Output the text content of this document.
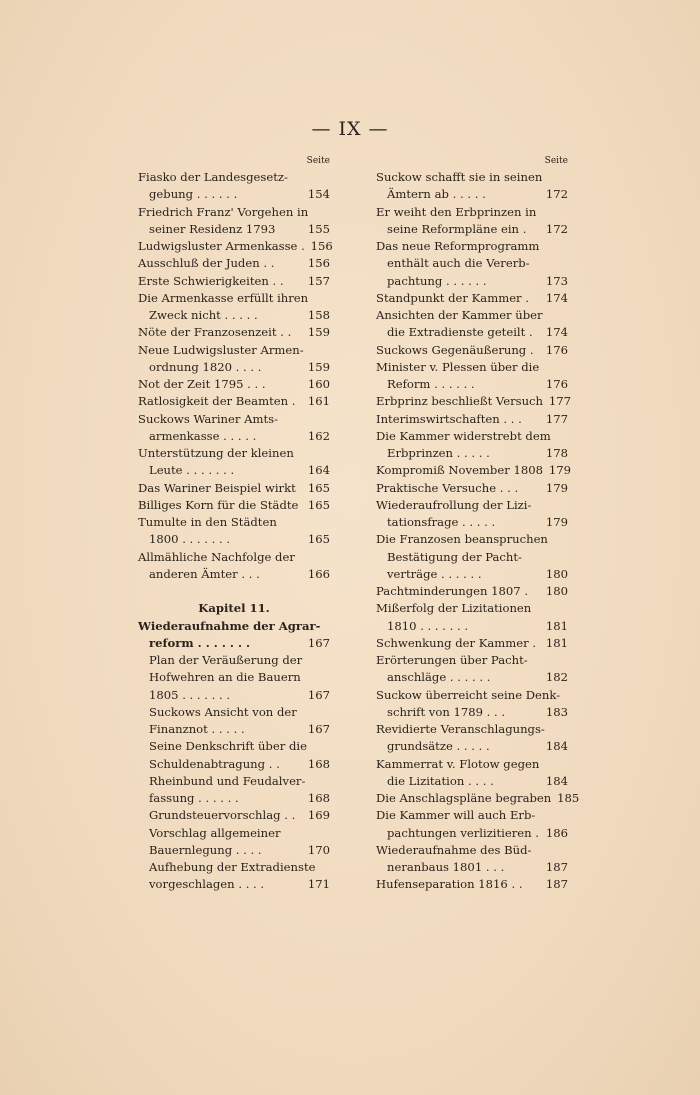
— IX —
Seite
Fiasko der Landesgesetz-
gebung . . . . . .	154
Friedrich Franz' Vorgehen in
seiner Residenz 1793	155
Ludwigsluster Armenkasse . 156
Ausschluß der Juden . .	156
Erste Schwierigkeiten . .	157
Die Armenkasse erfüllt ihren
Zweck nicht . . . . .	158
Nöte der Franzosenzeit . .	159
Neue Ludwigsluster Armen-
ordnung 1820 . . . .	159
Not der Zeit 1795 . . .	160
Ratlosigkeit der Beamten .	161
Suckows Wariner Amts-
armenkasse . . . . .	162
Unterstützung der kleinen
Leute . . . . . . .	164
Das Wariner Beispiel wirkt	165
Billiges Korn für die Städte 165
Tumulte in den Städten
1800 . . . . . . .	165
Allmähliche Nachfolge der
anderen Ämter . . .	166
Kapitel 11.
Wiederaufnahme der Agrar-
reform . . . . . . .	167
Plan der Veräußerung der
Hofwehren an die Bauern
1805 . . . . . . .	167
Suckows Ansicht von der
Finanznot . . . . .	167
Seine Denkschrift über die
Schuldenabtragung . .	168
Rheinbund und Feudalver-
fassung . . . . . .	168
Grundsteuervorschlag . .	169
Vorschlag allgemeiner
Bauernlegung . . . .	170
Aufhebung der Extradienste
vorgeschlagen . . . .	171
Seite
Suckow schafft sie in seinen
Ämtern ab . . . . .	172
Er weiht den Erbprinzen in
seine Reformpläne ein .	172
Das neue Reformprogramm
enthält auch die Vererb-
pachtung . . . . . .	173
Standpunkt der Kammer .	174
Ansichten der Kammer über
die Extradienste geteilt .	174
Suckows Gegenäußerung .	176
Minister v. Plessen über die
Reform . . . . . .	176
Erbprinz beschließt Versuch 177
Interimswirtschaften . . .	177
Die Kammer widerstrebt dem
Erbprinzen . . . . .	178
Kompromiß November 1808 179
Praktische Versuche . . .	179
Wiederaufrollung der Lizi-
tationsfrage . . . . .	179
Die Franzosen beanspruchen
Bestätigung der Pacht-
verträge . . . . . .	180
Pachtminderungen 1807 .	180
Mißerfolg der Lizitationen
1810 . . . . . . .	181
Schwenkung der Kammer . 181
Erörterungen über Pacht-
anschläge . . . . . .	182
Suckow überreicht seine Denk-
schrift von 1789 . . .	183
Revidierte Veranschlagungs-
grundsätze . . . . .	184
Kammerrat v. Flotow gegen
die Lizitation . . . .	184
Die Anschlagspläne begraben 185
Die Kammer will auch Erb-
pachtungen verlizitieren . 186
Wiederaufnahme des Büd-
neranbaus 1801 . . .	187
Hufenseparation 1816 . .	187
